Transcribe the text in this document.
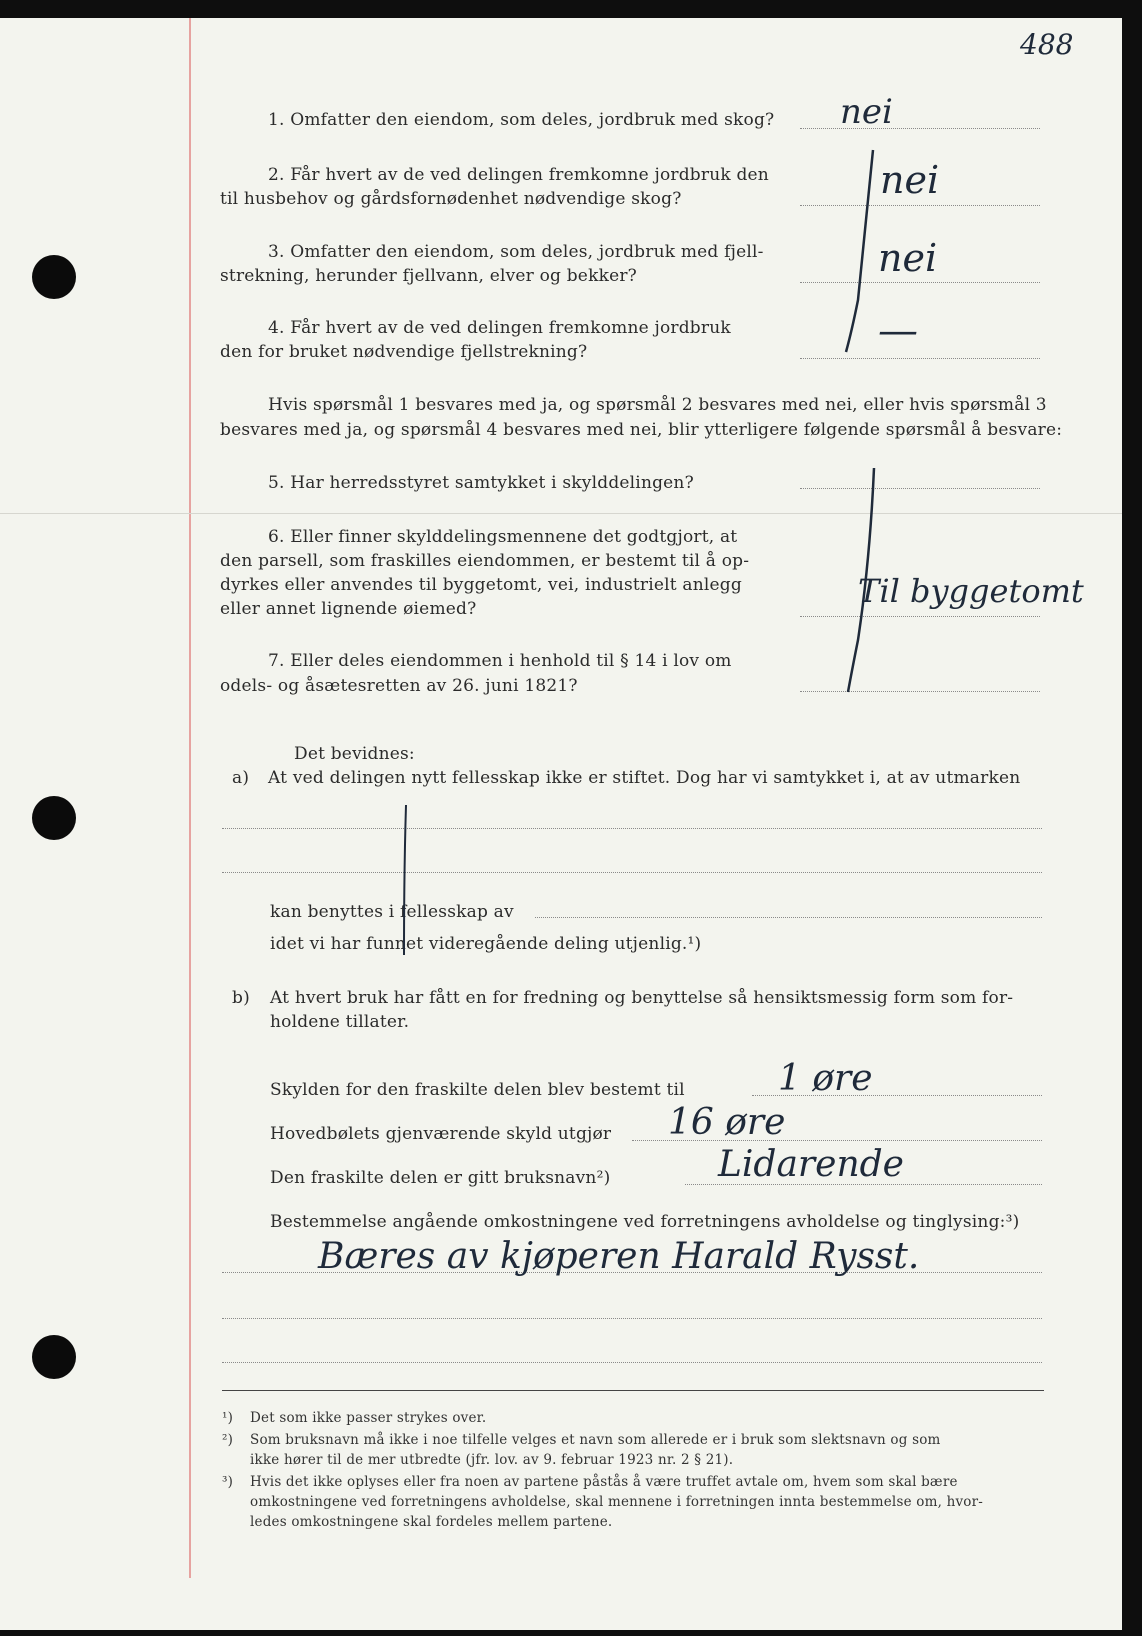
488
1. Omfatter den eiendom, som deles, jordbruk med skog? nei
2. Får hvert av de ved delingen fremkomne jordbruk den
til husbehov og gårdsfornødenhet nødvendige skog?	nei
3. Omfatter den eiendom, som deles, jordbruk med fjell-
strekning, herunder fjellvann, elver og bekker?	nei
4. Får hvert av de ved delingen fremkomne jordbruk
den for bruket nødvendige fjellstrekning?	—
Hvis spørsmål 1 besvares med ja, og spørsmål 2 besvares med nei, eller hvis spørsmål 3
besvares med ja, og spørsmål 4 besvares med nei, blir ytterligere følgende spørsmål å besvare:
5. Har herredsstyret samtykket i skylddelingen?
6. Eller finner skylddelingsmennene det godtgjort, at
den parsell, som fraskilles eiendommen, er bestemt til å op-
dyrkes eller anvendes til byggetomt, vei, industrielt anlegg
eller annet lignende øiemed?	Til byggetomt
7. Eller deles eiendommen i henhold til § 14 i lov om
odels- og åsætesretten av 26. juni 1821?
Det bevidnes:
a) At ved delingen nytt fellesskap ikke er stiftet. Dog har vi samtykket i, at av utmarken
kan benyttes i fellesskap av
idet vi har funnet videregående deling utjenlig.¹)
b) At hvert bruk har fått en for fredning og benyttelse så hensiktsmessig form som for-
holdene tillater.
Skylden for den fraskilte delen blev bestemt til	1 øre
Hovedbølets gjenværende skyld utgjør 16 øre
Den fraskilte delen er gitt bruksnavn²)	Lidarende
Bestemmelse angående omkostningene ved forretningens avholdelse og tinglysing:³)
Bæres av kjøperen Harald Rysst.
¹) Det som ikke passer strykes over.
²) Som bruksnavn må ikke i noe tilfelle velges et navn som allerede er i bruk som slektsnavn og som
ikke hører til de mer utbredte (jfr. lov. av 9. februar 1923 nr. 2 § 21).
³) Hvis det ikke oplyses eller fra noen av partene påstås å være truffet avtale om, hvem som skal bære
omkostningene ved forretningens avholdelse, skal mennene i forretningen innta bestemmelse om, hvor-
ledes omkostningene skal fordeles mellem partene.
